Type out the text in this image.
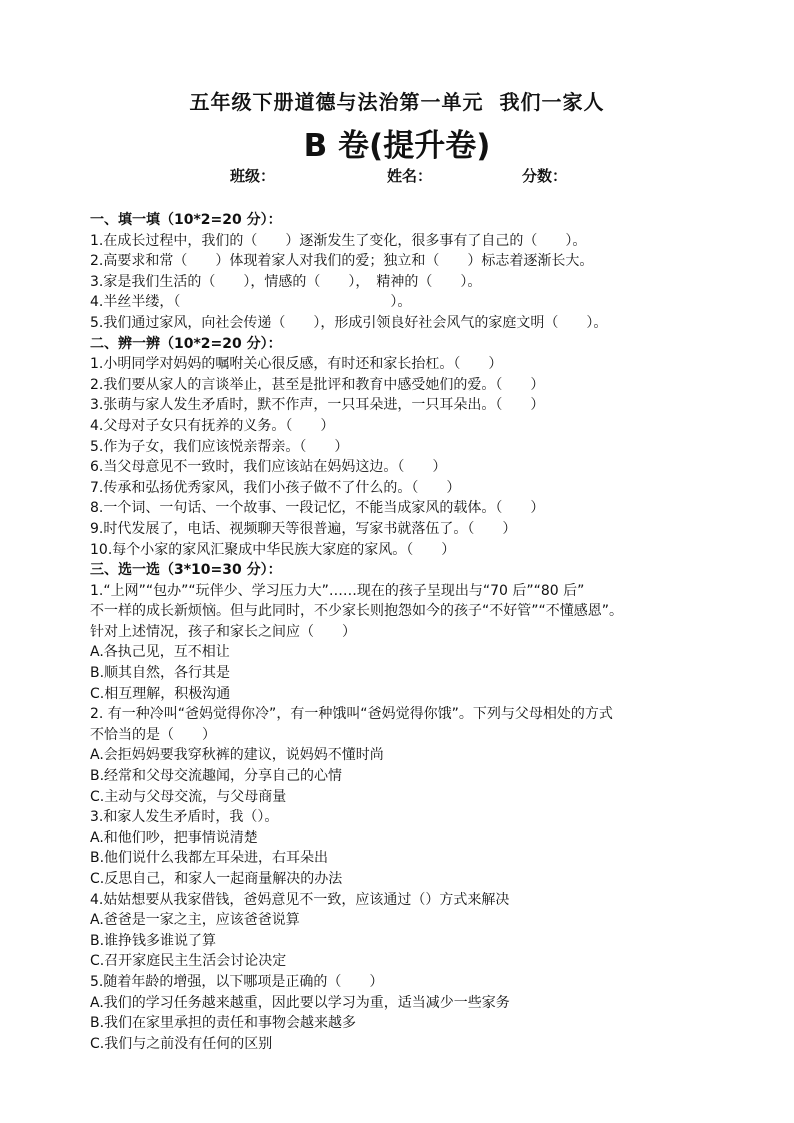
五年级下册道德与法治第一单元  我们一家人
B 卷(提升卷)
班级：	姓名：	分数：
一、填一填（10*2=20 分）：
1.在成长过程中，我们的（　　）逐渐发生了变化，很多事有了自己的（　　）。
2.高要求和常（　　）体现着家人对我们的爱；独立和（　　）标志着逐渐长大。
3.家是我们生活的（　　），情感的（　　），　精神的（　　）。
4.半丝半缕，（　　　　　　　　　　　　　　　）。
5.我们通过家风，向社会传递（　　），形成引领良好社会风气的家庭文明（　　）。
二、辨一辨（10*2=20 分）：
1.小明同学对妈妈的嘱咐关心很反感，有时还和家长抬杠。（　　）
2.我们要从家人的言谈举止，甚至是批评和教育中感受她们的爱。（　　）
3.张萌与家人发生矛盾时，默不作声，一只耳朵进，一只耳朵出。（　　）
4.父母对子女只有抚养的义务。（　　）
5.作为子女，我们应该悦亲帮亲。（　　）
6.当父母意见不一致时，我们应该站在妈妈这边。（　　）
7.传承和弘扬优秀家风，我们小孩子做不了什么的。（　　）
8.一个词、一句话、一个故事、一段记忆，不能当成家风的载体。（　　）
9.时代发展了，电话、视频聊天等很普遍，写家书就落伍了。（　　）
10.每个小家的家风汇聚成中华民族大家庭的家风。（　　）
三、选一选（3*10=30 分）：
1.“上网”“包办”“玩伴少、学习压力大”……现在的孩子呈现出与“70 后”“80 后”
不一样的成长新烦恼。但与此同时，不少家长则抱怨如今的孩子“不好管”“不懂感恩”。
针对上述情况，孩子和家长之间应（　　）
A.各执己见，互不相让
B.顺其自然，各行其是
C.相互理解，积极沟通
2. 有一种冷叫“爸妈觉得你冷”，有一种饿叫“爸妈觉得你饿”。下列与父母相处的方式
不恰当的是（　　）
A.会拒妈妈要我穿秋裤的建议，说妈妈不懂时尚
B.经常和父母交流趣闻，分享自己的心情
C.主动与父母交流，与父母商量
3.和家人发生矛盾时，我（）。
A.和他们吵，把事情说清楚
B.他们说什么我都左耳朵进，右耳朵出
C.反思自己，和家人一起商量解决的办法
4.姑姑想要从我家借钱，爸妈意见不一致，应该通过（）方式来解决
A.爸爸是一家之主，应该爸爸说算
B.谁挣钱多谁说了算
C.召开家庭民主生活会讨论决定
5.随着年龄的增强，以下哪项是正确的（　　）
A.我们的学习任务越来越重，因此要以学习为重，适当减少一些家务
B.我们在家里承担的责任和事物会越来越多
C.我们与之前没有任何的区别
